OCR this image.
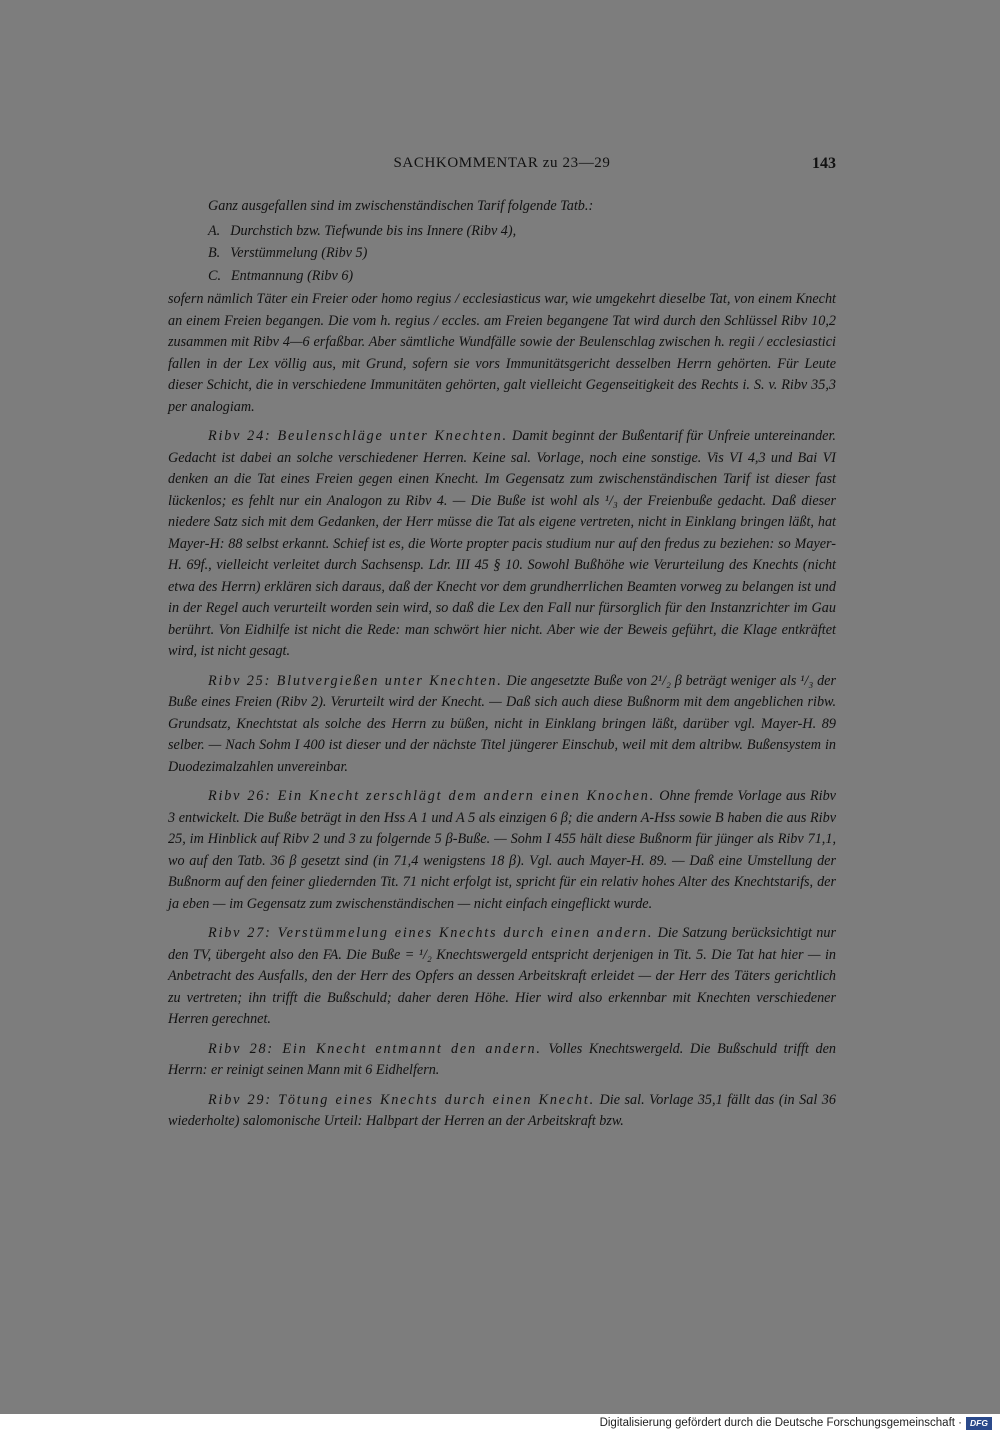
SACHKOMMENTAR zu 23—29	143

Ganz ausgefallen sind im zwischenständischen Tarif folgende Tatb.:

A. Durchstich bzw. Tiefwunde bis ins Innere (Ribv 4),
B. Verstümmelung (Ribv 5)
C. Entmannung (Ribv 6)

sofern nämlich Täter ein Freier oder homo regius / ecclesiasticus war, wie umgekehrt dieselbe Tat, von einem Knecht an einem Freien begangen. Die vom h. regius / eccles. am Freien begangene Tat wird durch den Schlüssel Ribv 10,2 zusammen mit Ribv 4—6 erfaßbar. Aber sämtliche Wundfälle sowie der Beulenschlag zwischen h. regii / ecclesiastici fallen in der Lex völlig aus, mit Grund, sofern sie vors Immunitätsgericht desselben Herrn gehörten. Für Leute dieser Schicht, die in verschiedene Immunitäten gehörten, galt vielleicht Gegenseitigkeit des Rechts i. S. v. Ribv 35,3 per analogiam.

Ribv 24: Beulenschläge unter Knechten. Damit beginnt der Bußentarif für Unfreie untereinander. Gedacht ist dabei an solche verschiedener Herren. Keine sal. Vorlage, noch eine sonstige. Vis VI 4,3 und Bai VI denken an die Tat eines Freien gegen einen Knecht. Im Gegensatz zum zwischenständischen Tarif ist dieser fast lückenlos; es fehlt nur ein Analogon zu Ribv 4. — Die Buße ist wohl als ¹/₃ der Freienbuße gedacht. Daß dieser niedere Satz sich mit dem Gedanken, der Herr müsse die Tat als eigene vertreten, nicht in Einklang bringen läßt, hat Mayer-H: 88 selbst erkannt. Schief ist es, die Worte propter pacis studium nur auf den fredus zu beziehen: so Mayer-H. 69f., vielleicht verleitet durch Sachsensp. Ldr. III 45 § 10. Sowohl Bußhöhe wie Verurteilung des Knechts (nicht etwa des Herrn) erklären sich daraus, daß der Knecht vor dem grundherrlichen Beamten vorweg zu belangen ist und in der Regel auch verurteilt worden sein wird, so daß die Lex den Fall nur fürsorglich für den Instanzrichter im Gau berührt. Von Eidhilfe ist nicht die Rede: man schwört hier nicht. Aber wie der Beweis geführt, die Klage entkräftet wird, ist nicht gesagt.

Ribv 25: Blutvergießen unter Knechten. Die angesetzte Buße von 2¹/₂ β beträgt weniger als ¹/₃ der Buße eines Freien (Ribv 2). Verurteilt wird der Knecht. — Daß sich auch diese Bußnorm mit dem angeblichen ribw. Grundsatz, Knechtstat als solche des Herrn zu büßen, nicht in Einklang bringen läßt, darüber vgl. Mayer-H. 89 selber. — Nach Sohm I 400 ist dieser und der nächste Titel jüngerer Einschub, weil mit dem altribw. Bußensystem in Duodezimalzahlen unvereinbar.

Ribv 26: Ein Knecht zerschlägt dem andern einen Knochen. Ohne fremde Vorlage aus Ribv 3 entwickelt. Die Buße beträgt in den Hss A 1 und A 5 als einzigen 6 β; die andern A-Hss sowie B haben die aus Ribv 25, im Hinblick auf Ribv 2 und 3 zu folgernde 5 β-Buße. — Sohm I 455 hält diese Bußnorm für jünger als Ribv 71,1, wo auf den Tatb. 36 β gesetzt sind (in 71,4 wenigstens 18 β). Vgl. auch Mayer-H. 89. — Daß eine Umstellung der Bußnorm auf den feiner gliedernden Tit. 71 nicht erfolgt ist, spricht für ein relativ hohes Alter des Knechtstarifs, der ja eben — im Gegensatz zum zwischenständischen — nicht einfach eingeflickt wurde.

Ribv 27: Verstümmelung eines Knechts durch einen andern. Die Satzung berücksichtigt nur den TV, übergeht also den FA. Die Buße = ¹/₂ Knechtswergeld entspricht derjenigen in Tit. 5. Die Tat hat hier — in Anbetracht des Ausfalls, den der Herr des Opfers an dessen Arbeitskraft erleidet — der Herr des Täters gerichtlich zu vertreten; ihn trifft die Bußschuld; daher deren Höhe. Hier wird also erkennbar mit Knechten verschiedener Herren gerechnet.

Ribv 28: Ein Knecht entmannt den andern. Volles Knechtswergeld. Die Bußschuld trifft den Herrn: er reinigt seinen Mann mit 6 Eidhelfern.

Ribv 29: Tötung eines Knechts durch einen Knecht. Die sal. Vorlage 35,1 fällt das (in Sal 36 wiederholte) salomonische Urteil: Halbpart der Herren an der Arbeitskraft bzw.

Digitalisierung gefördert durch die Deutsche Forschungsgemeinschaft · DFG
